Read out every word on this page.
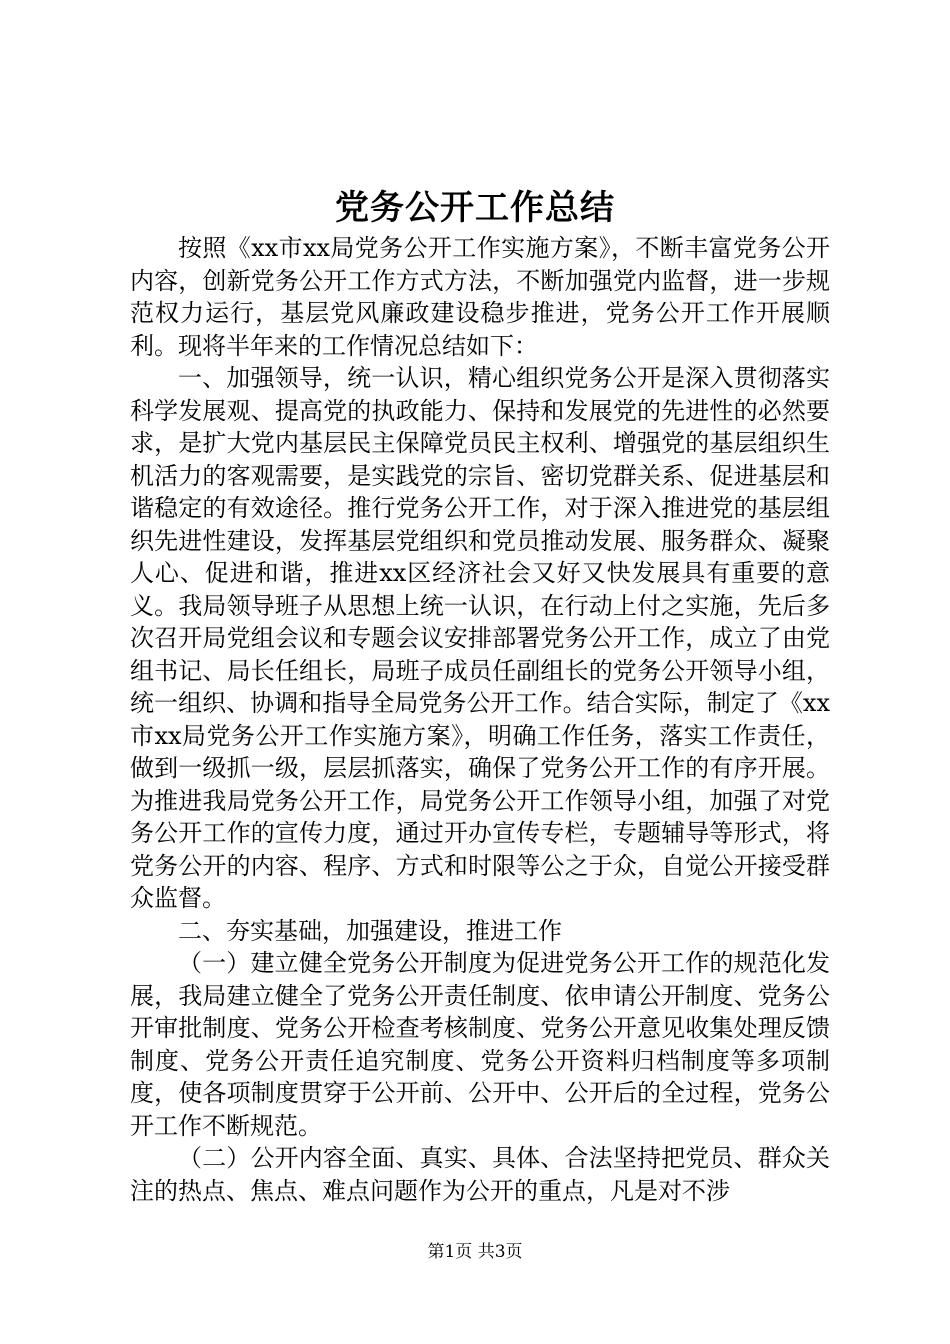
党务公开工作总结

按照《xx市xx局党务公开工作实施方案》，不断丰富党务公开内容，创新党务公开工作方式方法，不断加强党内监督，进一步规范权力运行，基层党风廉政建设稳步推进，党务公开工作开展顺利。现将半年来的工作情况总结如下：

一、加强领导，统一认识，精心组织党务公开是深入贯彻落实科学发展观、提高党的执政能力、保持和发展党的先进性的必然要求，是扩大党内基层民主保障党员民主权利、增强党的基层组织生机活力的客观需要，是实践党的宗旨、密切党群关系、促进基层和谐稳定的有效途径。推行党务公开工作，对于深入推进党的基层组织先进性建设，发挥基层党组织和党员推动发展、服务群众、凝聚人心、促进和谐，推进xx区经济社会又好又快发展具有重要的意义。我局领导班子从思想上统一认识，在行动上付之实施，先后多次召开局党组会议和专题会议安排部署党务公开工作，成立了由党组书记、局长任组长，局班子成员任副组长的党务公开领导小组，统一组织、协调和指导全局党务公开工作。结合实际，制定了《xx市xx局党务公开工作实施方案》，明确工作任务，落实工作责任，做到一级抓一级，层层抓落实，确保了党务公开工作的有序开展。为推进我局党务公开工作，局党务公开工作领导小组，加强了对党务公开工作的宣传力度，通过开办宣传专栏，专题辅导等形式，将党务公开的内容、程序、方式和时限等公之于众，自觉公开接受群众监督。

二、夯实基础，加强建设，推进工作

（一）建立健全党务公开制度为促进党务公开工作的规范化发展，我局建立健全了党务公开责任制度、依申请公开制度、党务公开审批制度、党务公开检查考核制度、党务公开意见收集处理反馈制度、党务公开责任追究制度、党务公开资料归档制度等多项制度，使各项制度贯穿于公开前、公开中、公开后的全过程，党务公开工作不断规范。

（二）公开内容全面、真实、具体、合法坚持把党员、群众关注的热点、焦点、难点问题作为公开的重点，凡是对不涉

第1页 共3页
